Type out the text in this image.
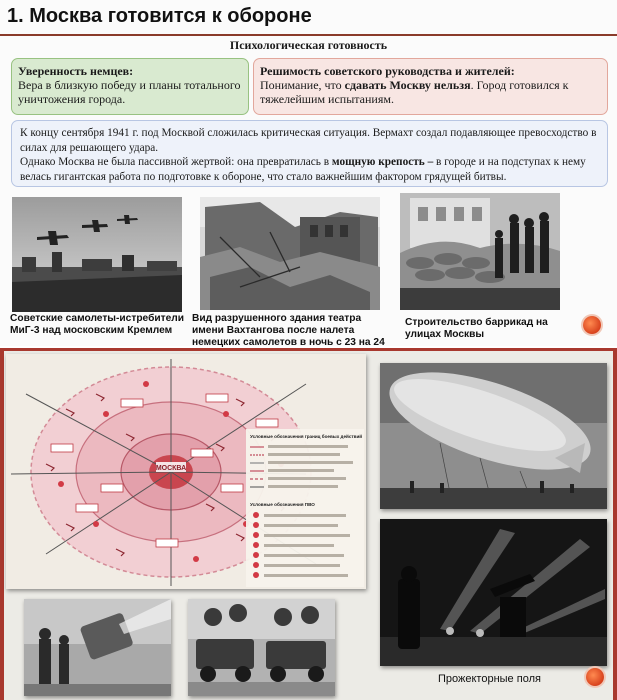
1. Москва готовится к обороне
Психологическая готовность
Уверенность немцев:
Вера в близкую победу и планы тотального уничтожения города.
Решимость советского руководства и жителей:
Понимание, что сдавать Москву нельзя. Город готовился к тяжелейшим испытаниям.
К концу сентября 1941 г. под Москвой сложилась критическая ситуация. Вермахт создал подавляющее превосходство в силах для решающего удара.
Однако Москва не была пассивной жертвой: она превратилась в мощную крепость – в городе и на подступах к нему велась гигантская работа по подготовке к обороне, что стало важнейшим фактором грядущей битвы.
Советские самолеты-истребители МиГ-3 над московским Кремлем
Вид разрушенного здания театра имени Вахтангова после налета немецких самолетов в ночь с 23 на 24
Строительство баррикад на улицах Москвы
МОСКВА
Условные обозначения границ боевых действий
Условные обозначения ПВО
Прожекторные поля
